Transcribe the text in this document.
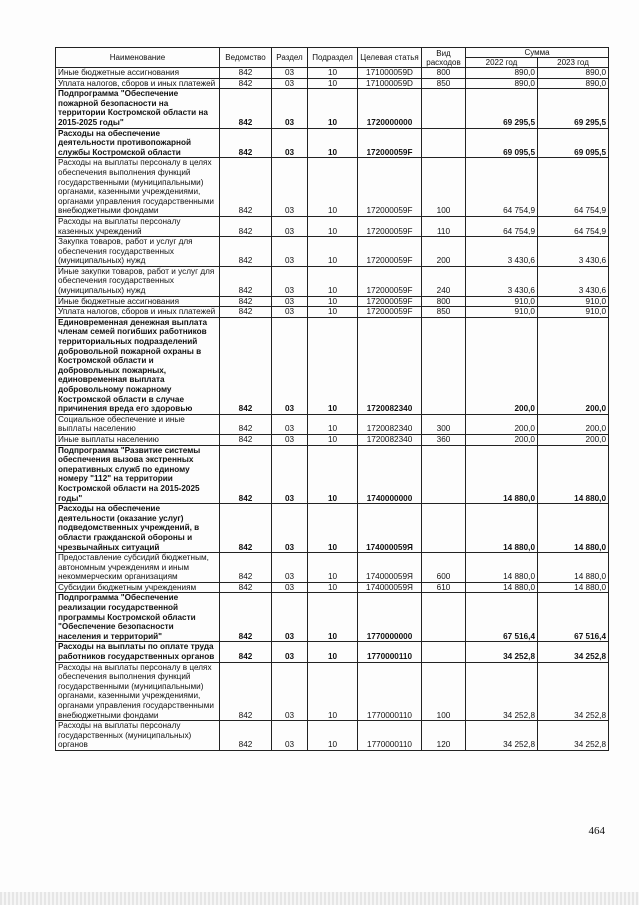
Наименование	Ведомство	Раздел	Подраздел	Целевая статья	Вид расходов	Сумма	
						2022 год	2023 год
Иные бюджетные ассигнования	842	03	10	171000059D	800	890,0	890,0
Уплата налогов, сборов и иных платежей	842	03	10	171000059D	850	890,0	890,0
Подпрограмма "Обеспечение пожарной безопасности на территории Костромской области на 2015-2025 годы"	842	03	10	1720000000		69 295,5	69 295,5
Расходы на обеспечение деятельности противопожарной службы Костромской области	842	03	10	172000059F		69 095,5	69 095,5
Расходы на выплаты персоналу в целях обеспечения выполнения функций государственными (муниципальными) органами, казенными учреждениями, органами управления государственными внебюджетными фондами	842	03	10	172000059F	100	64 754,9	64 754,9
Расходы на выплаты персоналу казенных учреждений	842	03	10	172000059F	110	64 754,9	64 754,9
Закупка товаров, работ и услуг для обеспечения государственных (муниципальных) нужд	842	03	10	172000059F	200	3 430,6	3 430,6
Иные закупки товаров, работ и услуг для обеспечения государственных (муниципальных) нужд	842	03	10	172000059F	240	3 430,6	3 430,6
Иные бюджетные ассигнования	842	03	10	172000059F	800	910,0	910,0
Уплата налогов, сборов и иных платежей	842	03	10	172000059F	850	910,0	910,0
Единовременная денежная выплата членам семей погибших работников территориальных подразделений добровольной пожарной охраны в Костромской области и добровольных пожарных, единовременная выплата добровольному пожарному Костромской области в случае причинения вреда его здоровью	842	03	10	1720082340		200,0	200,0
Социальное обеспечение и иные выплаты населению	842	03	10	1720082340	300	200,0	200,0
Иные выплаты населению	842	03	10	1720082340	360	200,0	200,0
Подпрограмма "Развитие системы обеспечения вызова экстренных оперативных служб по единому номеру "112" на территории Костромской области на 2015-2025 годы"	842	03	10	1740000000		14 880,0	14 880,0
Расходы на обеспечение деятельности (оказание услуг) подведомственных учреждений, в области гражданской обороны и чрезвычайных ситуаций	842	03	10	174000059Я		14 880,0	14 880,0
Предоставление субсидий бюджетным, автономным учреждениям и иным некоммерческим организациям	842	03	10	174000059Я	600	14 880,0	14 880,0
Субсидии бюджетным учреждениям	842	03	10	174000059Я	610	14 880,0	14 880,0
Подпрограмма "Обеспечение реализации государственной программы Костромской области "Обеспечение безопасности населения и территорий"	842	03	10	1770000000		67 516,4	67 516,4
Расходы на выплаты по оплате труда работников государственных органов	842	03	10	1770000110		34 252,8	34 252,8
Расходы на выплаты персоналу в целях обеспечения выполнения функций государственными (муниципальными) органами, казенными учреждениями, органами управления государственными внебюджетными фондами	842	03	10	1770000110	100	34 252,8	34 252,8
Расходы на выплаты персоналу государственных (муниципальных) органов	842	03	10	1770000110	120	34 252,8	34 252,8
464
